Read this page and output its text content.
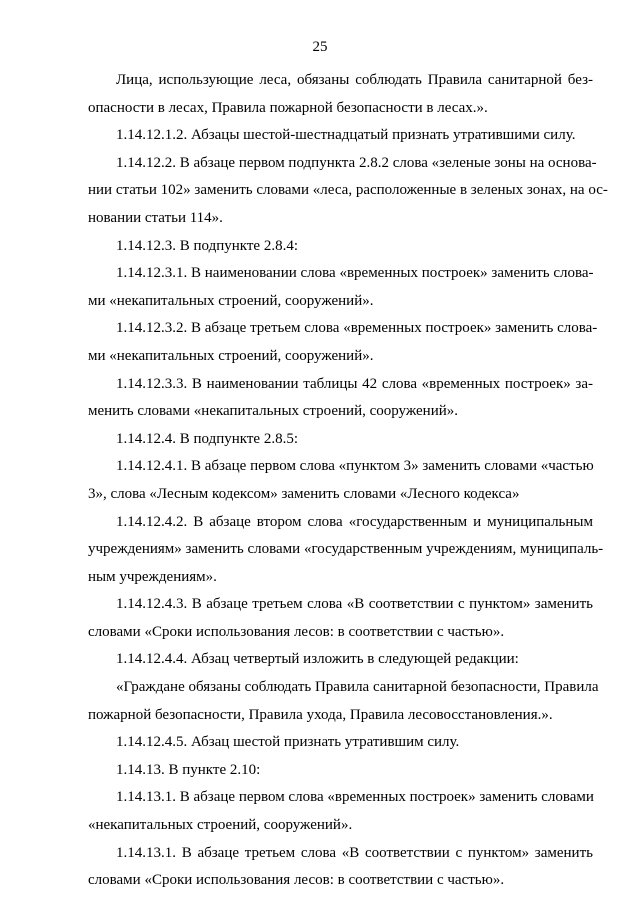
25
Лица, использующие леса, обязаны соблюдать Правила санитарной без-
опасности в лесах, Правила пожарной безопасности в лесах.».
1.14.12.1.2. Абзацы шестой-шестнадцатый признать утратившими силу.
1.14.12.2. В абзаце первом подпункта 2.8.2 слова «зеленые зоны на основа-
нии статьи 102» заменить словами «леса, расположенные в зеленых зонах, на ос-
новании статьи 114».
1.14.12.3. В подпункте 2.8.4:
1.14.12.3.1. В наименовании слова «временных построек» заменить слова-
ми «некапитальных строений, сооружений».
1.14.12.3.2. В абзаце третьем слова «временных построек» заменить слова-
ми «некапитальных строений, сооружений».
1.14.12.3.3. В наименовании таблицы 42 слова «временных построек» за-
менить словами «некапитальных строений, сооружений».
1.14.12.4. В подпункте 2.8.5:
1.14.12.4.1. В абзаце первом слова «пунктом 3» заменить словами «частью
3», слова «Лесным кодексом» заменить словами «Лесного кодекса»
1.14.12.4.2. В абзаце втором слова «государственным и муниципальным
учреждениям» заменить словами «государственным учреждениям, муниципаль-
ным учреждениям».
1.14.12.4.3. В абзаце третьем слова «В соответствии с пунктом» заменить
словами «Сроки использования лесов: в соответствии с частью».
1.14.12.4.4. Абзац четвертый изложить в следующей редакции:
«Граждане обязаны соблюдать Правила санитарной безопасности, Правила
пожарной безопасности, Правила ухода, Правила лесовосстановления.».
1.14.12.4.5. Абзац шестой признать утратившим силу.
1.14.13. В пункте 2.10:
1.14.13.1. В абзаце первом слова «временных построек» заменить словами
«некапитальных строений, сооружений».
1.14.13.1. В абзаце третьем слова «В соответствии с пунктом» заменить
словами «Сроки использования лесов: в соответствии с частью».
